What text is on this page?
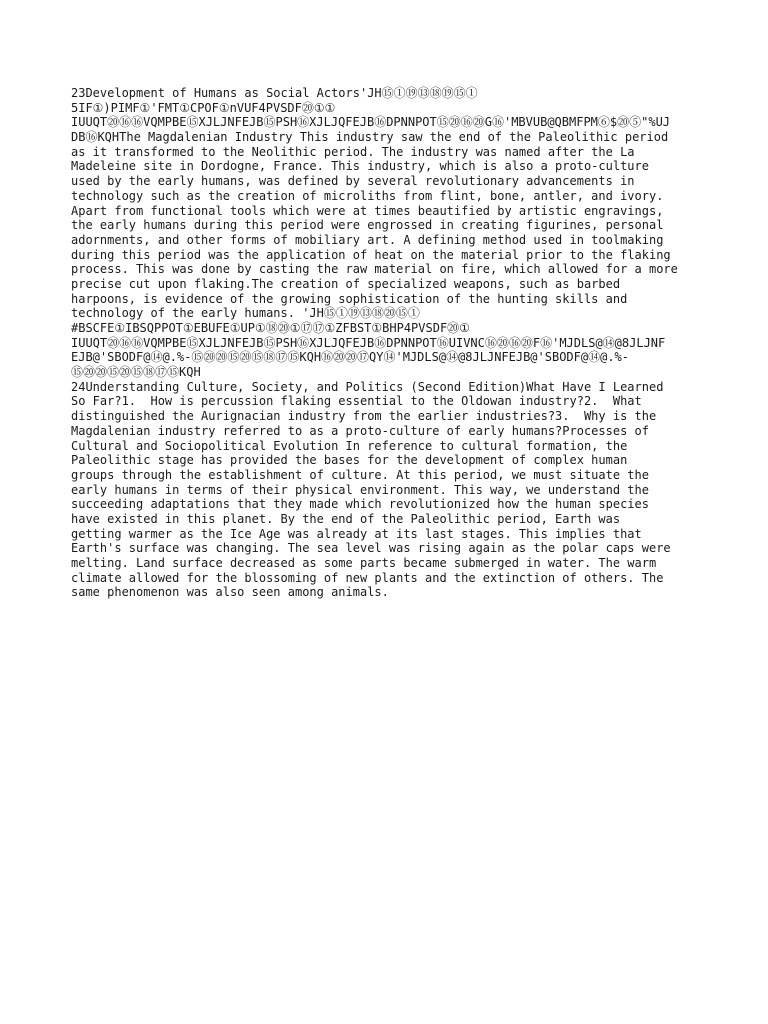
23Development of Humans as Social Actors'JH⑮①⑲⑬⑱⑲⑮①
5IF①)PIMF①'FMT①CPOF①nVUF4PVSDF⑳①①
IUUQT⑳⑯⑯VQMPBE⑮XJLJNFEJB⑮PSH⑯XJLJQFEJB⑯DPNNPOT⑮⑳⑯⑳G⑯'MBVUB@QBMFPM⑥$⑳⑤"%UJ
DB⑯KQHThe Magdalenian Industry This industry saw the end of the Paleolithic period
as it transformed to the Neolithic period. The industry was named after the La
Madeleine site in Dordogne, France. This industry, which is also a proto-culture
used by the early humans, was defined by several revolutionary advancements in
technology such as the creation of microliths from flint, bone, antler, and ivory.
Apart from functional tools which were at times beautified by artistic engravings,
the early humans during this period were engrossed in creating figurines, personal
adornments, and other forms of mobiliary art. A defining method used in toolmaking
during this period was the application of heat on the material prior to the flaking
process. This was done by casting the raw material on fire, which allowed for a more
precise cut upon flaking.The creation of specialized weapons, such as barbed
harpoons, is evidence of the growing sophistication of the hunting skills and
technology of the early humans. 'JH⑮①⑲⑬⑱⑳⑮①
#BSCFE①IBSQPPOT①EBUFE①UP①⑱⑳①⑰⑰①ZFBST①BHP4PVSDF⑳①
IUUQT⑳⑯⑯VQMPBE⑮XJLJNFEJB⑮PSH⑯XJLJQFEJB⑯DPNNPOT⑯UIVNC⑯⑳⑯⑳F⑯'MJDLS@⑭@8JLJNF
EJB@'SBODF@⑭@.%-⑮⑳⑳⑮⑳⑮⑱⑰⑮KQH⑯⑳⑳⑰QY⑭'MJDLS@⑭@8JLJNFEJB@'SBODF@⑭@.%-
⑮⑳⑳⑮⑳⑮⑱⑰⑮KQH
24Understanding Culture, Society, and Politics (Second Edition)What Have I Learned
So Far?1.  How is percussion flaking essential to the Oldowan industry?2.  What
distinguished the Aurignacian industry from the earlier industries?3.  Why is the
Magdalenian industry referred to as a proto-culture of early humans?Processes of
Cultural and Sociopolitical Evolution In reference to cultural formation, the
Paleolithic stage has provided the bases for the development of complex human
groups through the establishment of culture. At this period, we must situate the
early humans in terms of their physical environment. This way, we understand the
succeeding adaptations that they made which revolutionized how the human species
have existed in this planet. By the end of the Paleolithic period, Earth was
getting warmer as the Ice Age was already at its last stages. This implies that
Earth's surface was changing. The sea level was rising again as the polar caps were
melting. Land surface decreased as some parts became submerged in water. The warm
climate allowed for the blossoming of new plants and the extinction of others. The
same phenomenon was also seen among animals.
